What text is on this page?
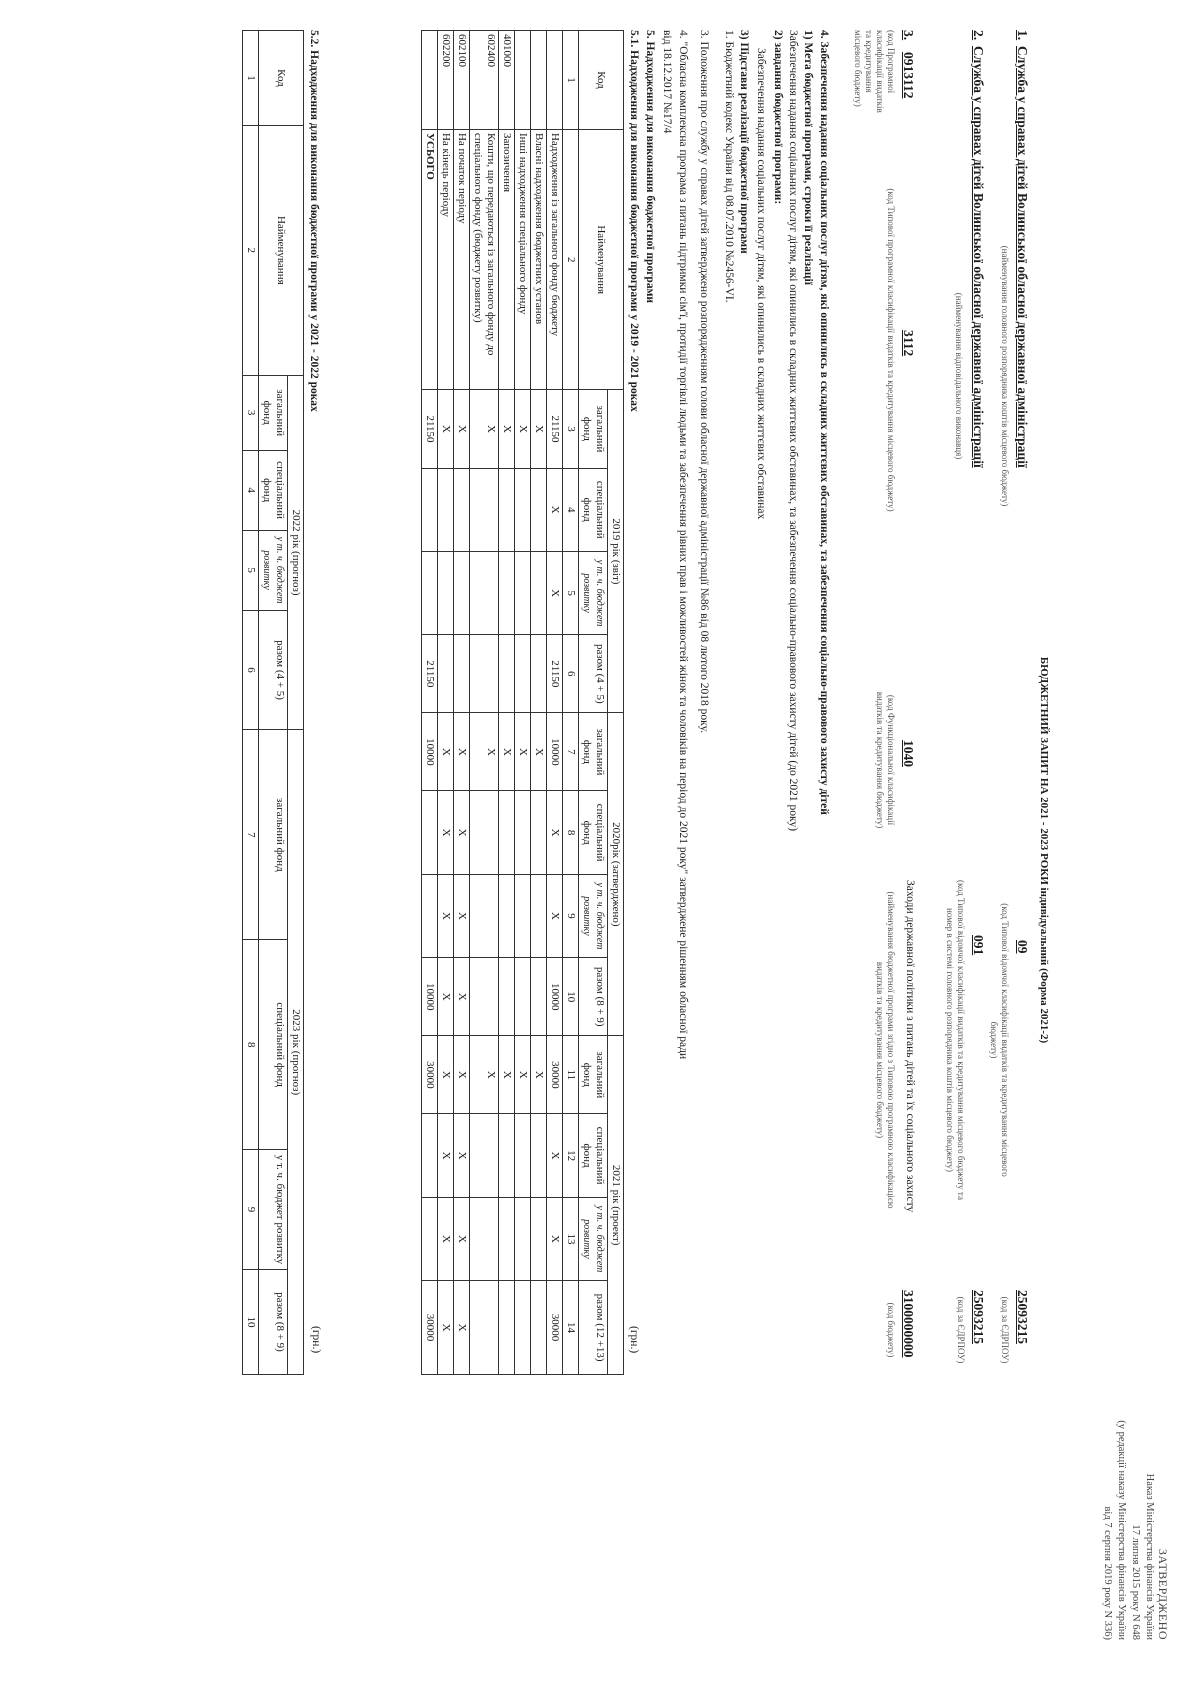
ЗАТВЕРДЖЕНО
Наказ Міністерства фінансів України
17 липня 2015 року N 648
(у редакції наказу Міністерства фінансів України
від 7 серпня 2019 року N 336)
БЮДЖЕТНИЙ ЗАПИТ НА 2021 - 2023 РОКИ індивідуальний (Форма 2021-2)
1.
Служба у справах дітей Волинської обласної державної адміністрації
(найменування головного розпорядника коштів місцевого бюджету)
09
(код Типової відомчої класифікації видатків та кредитування місцевого бюджету)
25093215
(код за ЄДРПОУ)
2.
Служба у справах дітей Волинської обласної державної адміністрації
(найменування відповідального виконавця)
091
(код Типової відомчої класифікації видатків та кредитування місцевого бюджету та номер в системі головного розпорядника коштів місцевого бюджету)
25093215
(код за ЄДРПОУ)
3.
0913112
(код Програмної класифікації видатків та кредитування місцевого бюджету)
3112
(код Типової програмної класифікації видатків та кредитування місцевого бюджету)
1040
(код Функціональної класифікації видатків та кредитування бюджету)
Заходи державної політики з питань дітей та їх соціального захисту
(найменування бюджетної програми згідно з Типовою програмною класифікацією видатків та кредитування місцевого бюджету)
3100000000
(код бюджету)
4. Забезпечення надання соціальних послуг дітям, які опинились в складних життєвих обставинах, та забезпечення соціально-правового захисту дітей
1) Мета бюджетної програми, строки її реалізації
Забезпечення надання соціальних послуг дітям, які опинились в складних життєвих обставинах, та забезпечення соціально-правового захисту дітей (до 2021 року)
2) завдання бюджетної програми:
Забезпечення надання соціальних послуг дітям, які опинились в складних життєвих обставинах
3) Підстави реалізації бюджетної програми
1. Бюджетний кодекс України від 08.07.2010 №2456-VI.
3. Положення про службу у справах дітей затверджено розпорядженням голови обласної державної адміністрації №86 від 08 лютого 2018 року.
4. "Обласна комплексна програма з питань підтримки сім'ї, протидії торгівлі людьми та забезпечення рівних прав і можливостей жінок та чоловіків на період до 2021 року" затверджене рішенням обласної ради
від 18.12.2017 №17/4
5. Надходження для виконання бюджетної програми
5.1. Надходження для виконання бюджетної програми у 2019 - 2021 роках
(грн.)
Код	Найменування	2019 рік (звіт)				2020рік (затверджено)				2021 рік (проект)			
		загальний фонд	спеціальний фонд	у т. ч. бюджет розвитку	разом (4 + 5)	загальний фонд	спеціальний фонд	у т. ч. бюджет розвитку	разом (8 + 9)	загальний фонд	спеціальний фонд	у т. ч. бюджет розвитку	разом (12 +13)
1	2	3	4	5	6	7	8	9	10	11	12	13	14
	Надходження із загального фонду бюджету	21150	X	X	21150	10000	X	X	10000	30000	X	X	30000
	Власні надходження бюджетних установ	X				X				X			
	Інші надходження спеціального фонду	X				X				X			
401000	Запозичення	X				X				X			
602400	Кошти, що передаються із загального фонду до спеціального фонду (бюджету розвитку)	X				X				X			
602100	На початок періоду	X				X	X	X	X	X	X	X	X
602200	На кінець періоду	X				X	X	X	X	X	X	X	X
	УСЬОГО	21150			21150	10000			10000	30000			30000
5.2. Надходження для виконання бюджетної програми у 2021 - 2022 роках
(грн.)
Код	Найменування	2022 рік (прогноз)				2023 рік (прогноз)			
		загальний фонд	спеціальний фонд	у т. ч. бюджет розвитку	разом (4 + 5)	загальний фонд	спеціальний фонд	у т. ч. бюджет розвитку	разом (8 + 9)
1	2	3	4	5	6	7	8	9	10
